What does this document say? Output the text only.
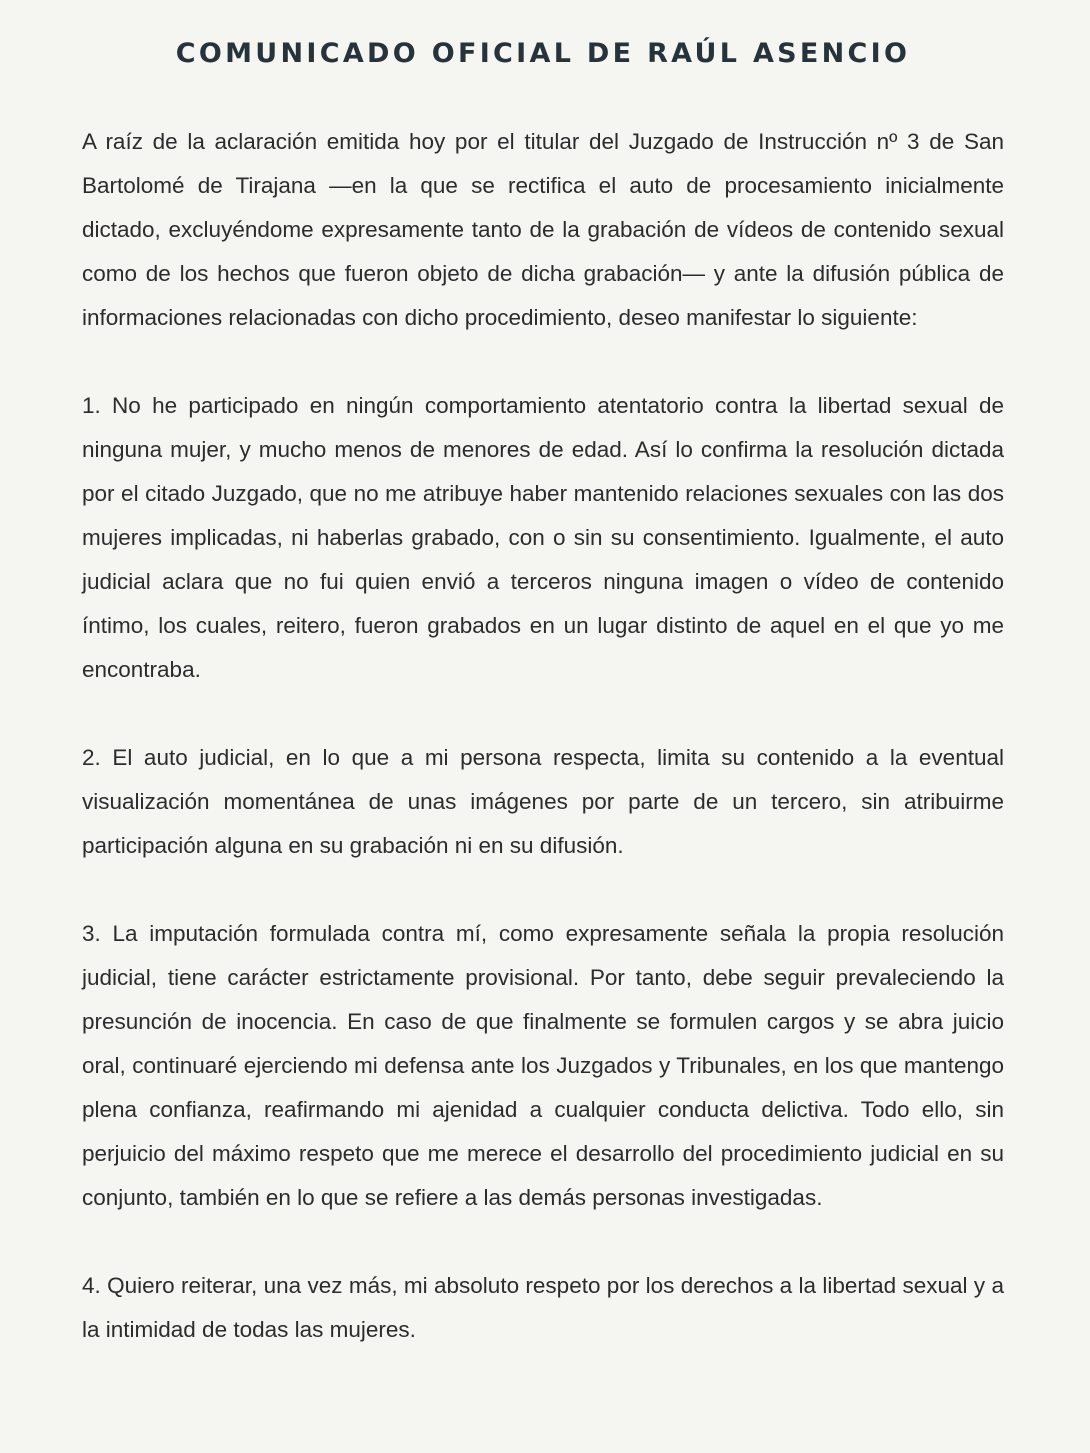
COMUNICADO OFICIAL DE RAÚL ASENCIO

A raíz de la aclaración emitida hoy por el titular del Juzgado de Instrucción nº 3 de San Bartolomé de Tirajana —en la que se rectifica el auto de procesamiento inicialmente dictado, excluyéndome expresamente tanto de la grabación de vídeos de contenido sexual como de los hechos que fueron objeto de dicha grabación— y ante la difusión pública de informaciones relacionadas con dicho procedimiento, deseo manifestar lo siguiente:

1. No he participado en ningún comportamiento atentatorio contra la libertad sexual de ninguna mujer, y mucho menos de menores de edad. Así lo confirma la resolución dictada por el citado Juzgado, que no me atribuye haber mantenido relaciones sexuales con las dos mujeres implicadas, ni haberlas grabado, con o sin su consentimiento. Igualmente, el auto judicial aclara que no fui quien envió a terceros ninguna imagen o vídeo de contenido íntimo, los cuales, reitero, fueron grabados en un lugar distinto de aquel en el que yo me encontraba.

2. El auto judicial, en lo que a mi persona respecta, limita su contenido a la eventual visualización momentánea de unas imágenes por parte de un tercero, sin atribuirme participación alguna en su grabación ni en su difusión.

3. La imputación formulada contra mí, como expresamente señala la propia resolución judicial, tiene carácter estrictamente provisional. Por tanto, debe seguir prevaleciendo la presunción de inocencia. En caso de que finalmente se formulen cargos y se abra juicio oral, continuaré ejerciendo mi defensa ante los Juzgados y Tribunales, en los que mantengo plena confianza, reafirmando mi ajenidad a cualquier conducta delictiva. Todo ello, sin perjuicio del máximo respeto que me merece el desarrollo del procedimiento judicial en su conjunto, también en lo que se refiere a las demás personas investigadas.

4. Quiero reiterar, una vez más, mi absoluto respeto por los derechos a la libertad sexual y a la intimidad de todas las mujeres.
